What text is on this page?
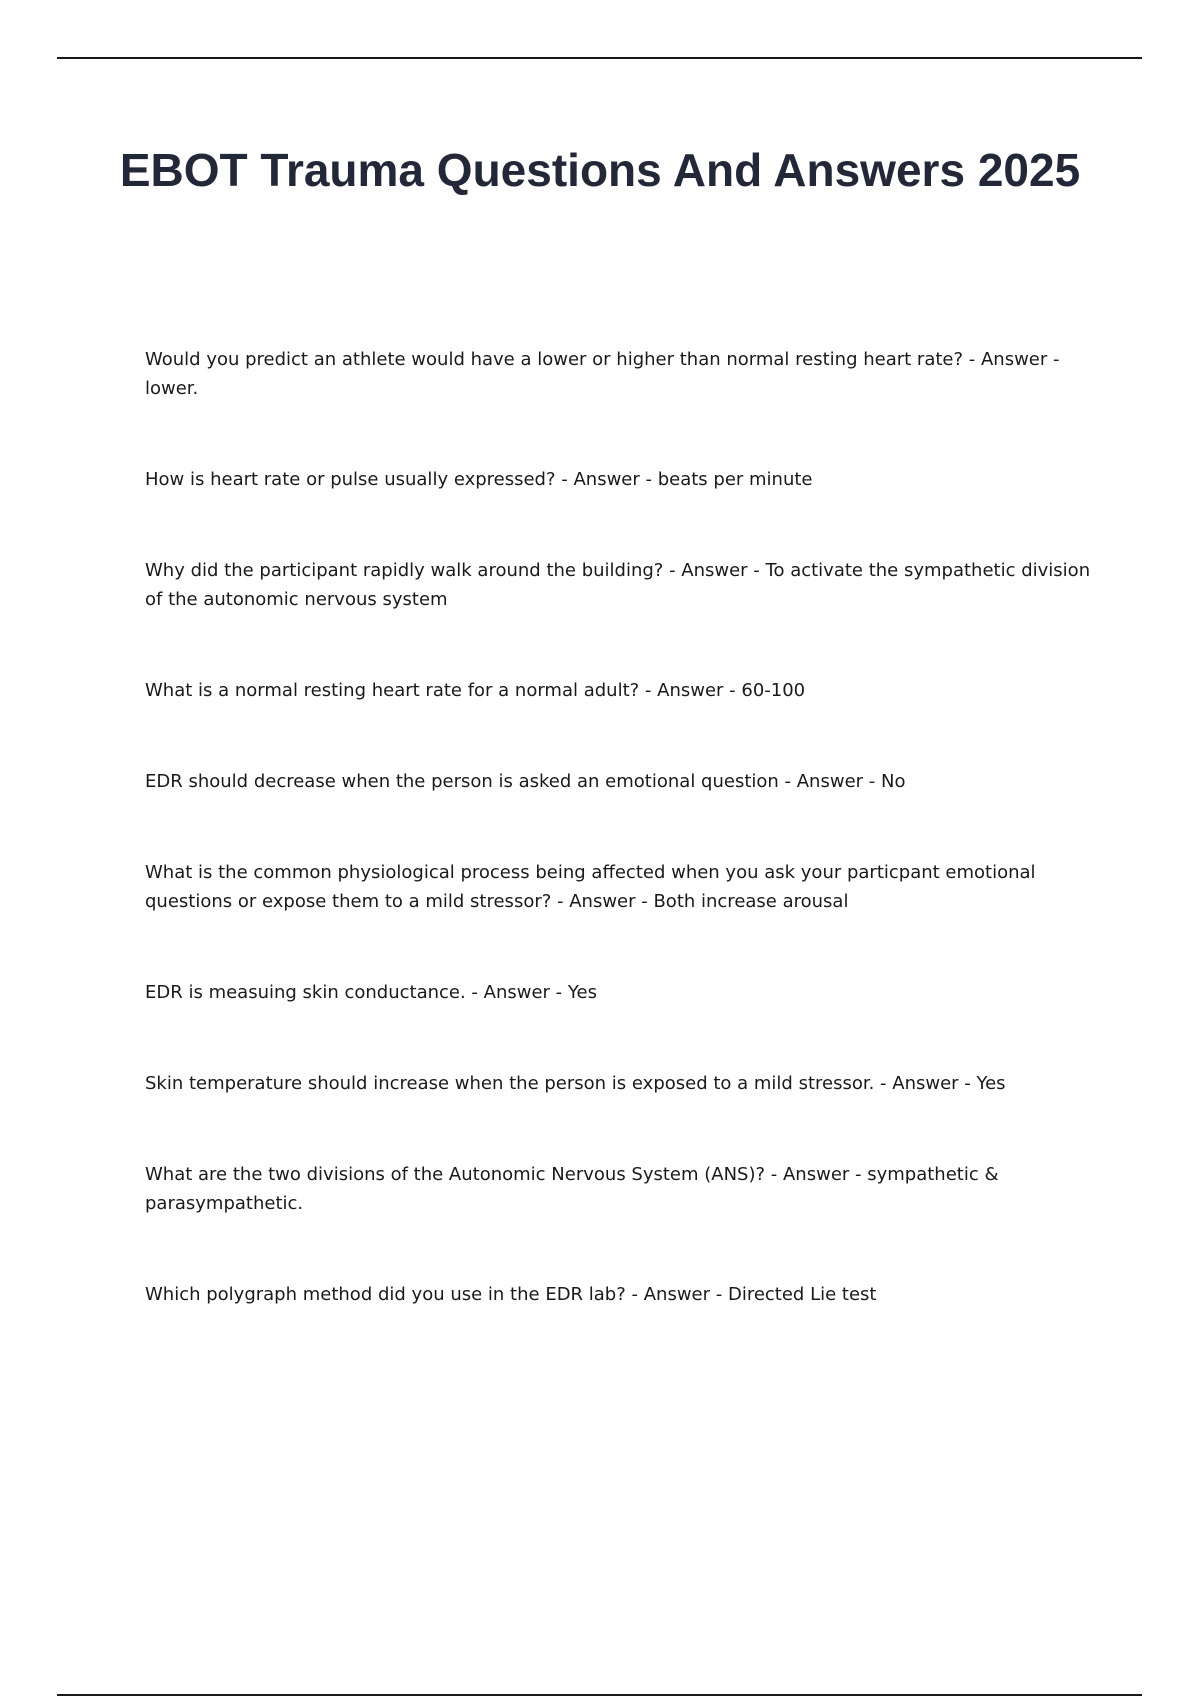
EBOT Trauma Questions And Answers 2025
Would you predict an athlete would have a lower or higher than normal resting heart rate? - Answer - lower.
How is heart rate or pulse usually expressed? - Answer - beats per minute
Why did the participant rapidly walk around the building? - Answer - To activate the sympathetic division of the autonomic nervous system
What is a normal resting heart rate for a normal adult? - Answer - 60-100
EDR should decrease when the person is asked an emotional question - Answer - No
What is the common physiological process being affected when you ask your particpant emotional questions or expose them to a mild stressor? - Answer - Both increase arousal
EDR is measuing skin conductance. - Answer - Yes
Skin temperature should increase when the person is exposed to a mild stressor. - Answer - Yes
What are the two divisions of the Autonomic Nervous System (ANS)? - Answer - sympathetic & parasympathetic.
Which polygraph method did you use in the EDR lab? - Answer - Directed Lie test
